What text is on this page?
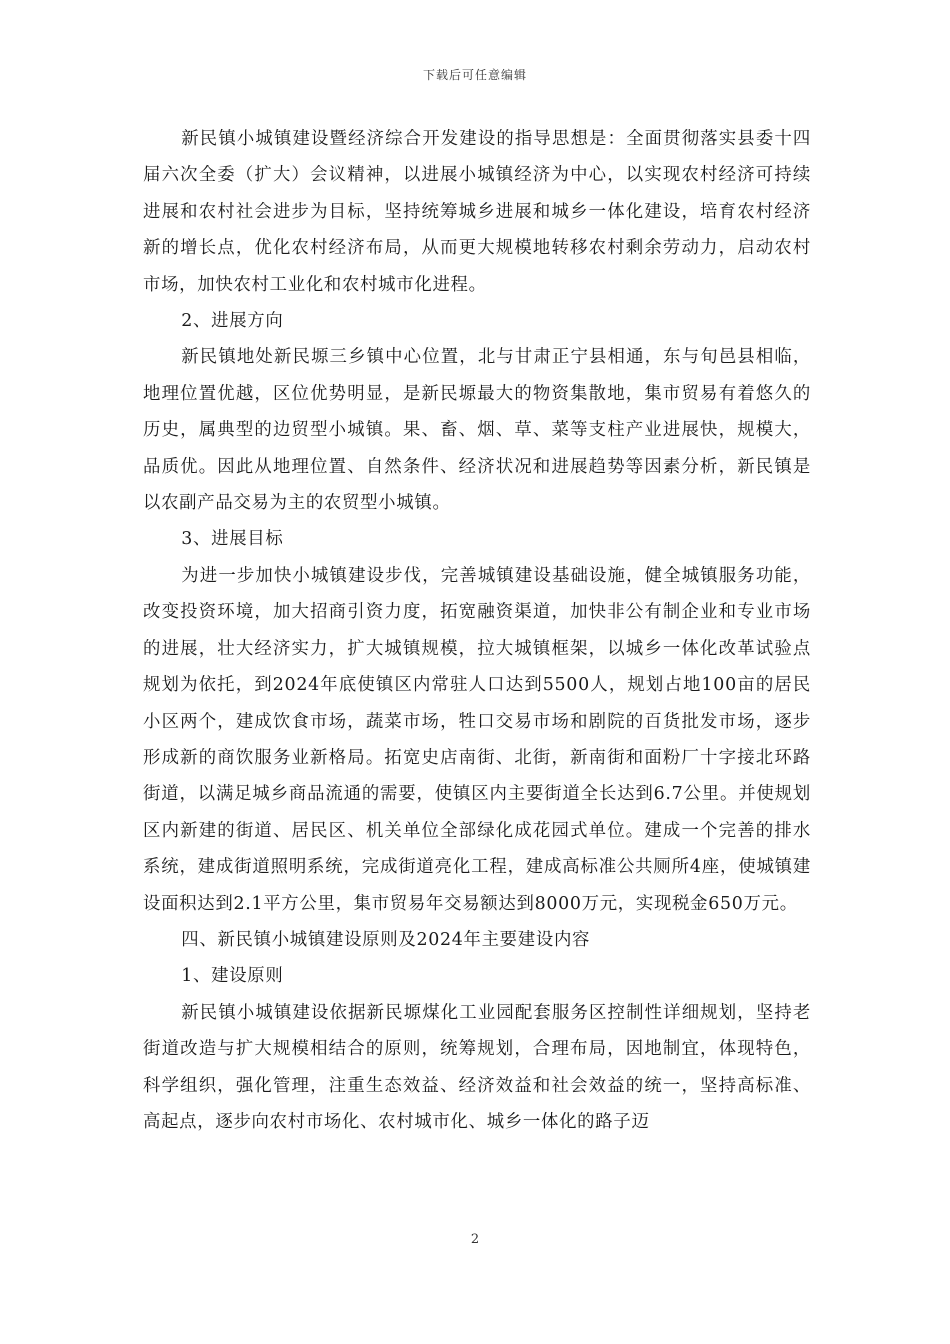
下载后可任意编辑

新民镇小城镇建设暨经济综合开发建设的指导思想是：全面贯彻落实县委十四届六次全委（扩大）会议精神，以进展小城镇经济为中心，以实现农村经济可持续进展和农村社会进步为目标，坚持统筹城乡进展和城乡一体化建设，培育农村经济新的增长点，优化农村经济布局，从而更大规模地转移农村剩余劳动力，启动农村市场，加快农村工业化和农村城市化进程。

2、进展方向

新民镇地处新民塬三乡镇中心位置，北与甘肃正宁县相通，东与旬邑县相临，地理位置优越，区位优势明显，是新民塬最大的物资集散地，集市贸易有着悠久的历史，属典型的边贸型小城镇。果、畜、烟、草、菜等支柱产业进展快，规模大，品质优。因此从地理位置、自然条件、经济状况和进展趋势等因素分析，新民镇是以农副产品交易为主的农贸型小城镇。

3、进展目标

为进一步加快小城镇建设步伐，完善城镇建设基础设施，健全城镇服务功能，改变投资环境，加大招商引资力度，拓宽融资渠道，加快非公有制企业和专业市场的进展，壮大经济实力，扩大城镇规模，拉大城镇框架，以城乡一体化改革试验点规划为依托，到2024年底使镇区内常驻人口达到5500人，规划占地100亩的居民小区两个，建成饮食市场，蔬菜市场，牲口交易市场和剧院的百货批发市场，逐步形成新的商饮服务业新格局。拓宽史店南街、北街，新南街和面粉厂十字接北环路街道，以满足城乡商品流通的需要，使镇区内主要街道全长达到6.7公里。并使规划区内新建的街道、居民区、机关单位全部绿化成花园式单位。建成一个完善的排水系统，建成街道照明系统，完成街道亮化工程，建成高标准公共厕所4座，使城镇建设面积达到2.1平方公里，集市贸易年交易额达到8000万元，实现税金650万元。

四、新民镇小城镇建设原则及2024年主要建设内容

1、建设原则

新民镇小城镇建设依据新民塬煤化工业园配套服务区控制性详细规划，坚持老街道改造与扩大规模相结合的原则，统筹规划，合理布局，因地制宜，体现特色，科学组织，强化管理，注重生态效益、经济效益和社会效益的统一，坚持高标准、高起点，逐步向农村市场化、农村城市化、城乡一体化的路子迈

2
